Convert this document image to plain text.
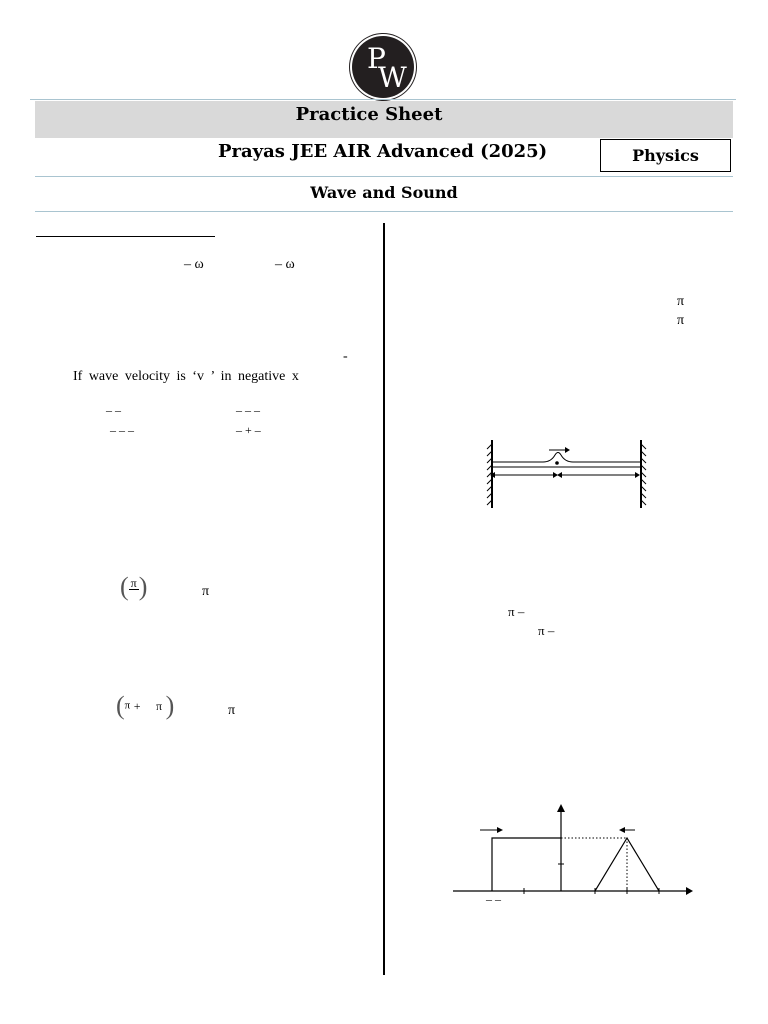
P
W
Practice Sheet
Prayas JEE AIR Advanced (2025)	Physics
Wave and Sound
– ω	– ω
-
If wave velocity is ‘v ’ in negative x
– –	– – –
– – –	– + –
( π )	π
(π + π )	π
π
π
π –
π –
– –
